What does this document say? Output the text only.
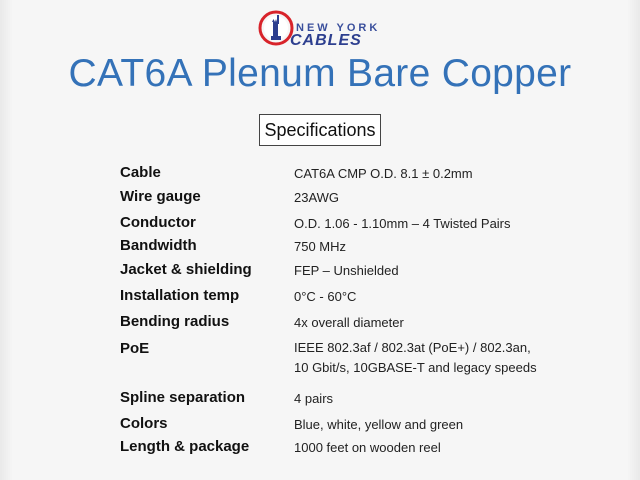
NEW YORK
CABLES
CAT6A Plenum Bare Copper
Specifications
Cable	CAT6A CMP O.D. 8.1 ± 0.2mm
Wire gauge	23AWG
Conductor	O.D. 1.06 - 1.10mm – 4 Twisted Pairs
Bandwidth	750 MHz
Jacket & shielding	FEP – Unshielded
Installation temp	0°C - 60°C
Bending radius	4x overall diameter
PoE	IEEE 802.3af / 802.3at (PoE+) / 802.3an,
10 Gbit/s, 10GBASE-T and legacy speeds
Spline separation	4 pairs
Colors	Blue, white, yellow and green
Length & package	1000 feet on wooden reel
